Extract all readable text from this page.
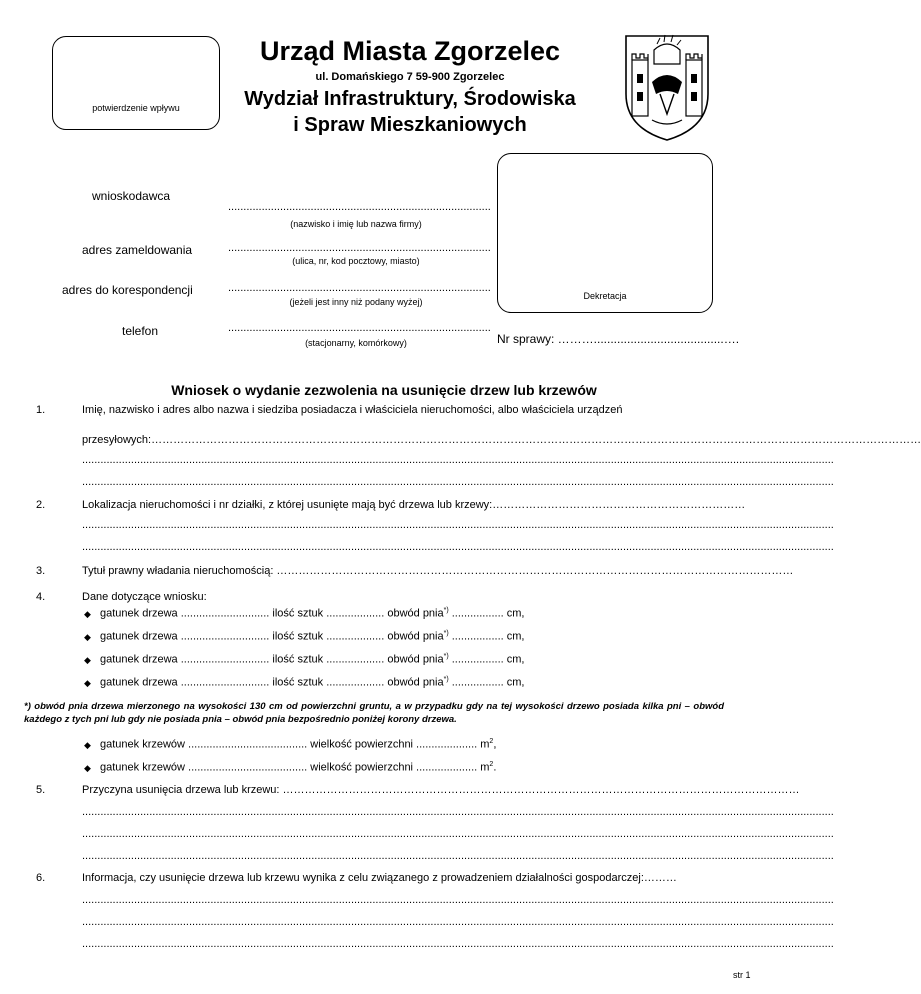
potwierdzenie wpływu
Urząd Miasta Zgorzelec
ul. Domańskiego 7 59-900 Zgorzelec
Wydział Infrastruktury, Środowiska
i Spraw Mieszkaniowych
wnioskodawca
......................................................................................
(nazwisko i imię lub nazwa firmy)
adres zameldowania	......................................................................................
(ulica, nr, kod pocztowy, miasto)
adres do korespondencji	......................................................................................
(jeżeli jest inny niż podany wyżej)
telefon	......................................................................................
(stacjonarny, komórkowy)
Dekretacja
Nr sprawy: ……….......................................….
Wniosek o wydanie zezwolenia na usunięcie drzew lub krzewów
1.	Imię, nazwisko i adres albo nazwa i siedziba posiadacza i właściciela nieruchomości, albo właściciela urządzeń
przesyłowych:…………………………………………………………………………………………………………………………………………………………………………………………
......................................................................................................................................................................................................................................................
......................................................................................................................................................................................................................................................
2.	Lokalizacja nieruchomości i nr działki, z której usunięte mają być drzewa lub krzewy:……………………………………………………………
......................................................................................................................................................................................................................................................
......................................................................................................................................................................................................................................................
3.	Tytuł prawny władania nieruchomością: ……………………………………………………………………………………………………………………………
4.	Dane dotyczące wniosku:
◆ gatunek drzewa ............................. ilość sztuk ................... obwód pnia*) ................. cm,
◆ gatunek drzewa ............................. ilość sztuk ................... obwód pnia*) ................. cm,
◆ gatunek drzewa ............................. ilość sztuk ................... obwód pnia*) ................. cm,
◆ gatunek drzewa ............................. ilość sztuk ................... obwód pnia*) ................. cm,
*) obwód pnia drzewa mierzonego na wysokości 130 cm od powierzchni gruntu, a w przypadku gdy na tej wysokości drzewo posiada kilka pni – obwód każdego z tych pni lub gdy nie posiada pnia – obwód pnia bezpośrednio poniżej korony drzewa.
◆ gatunek krzewów ....................................... wielkość powierzchni .................... $m^2$,
◆ gatunek krzewów ....................................... wielkość powierzchni .................... $m^2$.
5.	Przyczyna usunięcia drzewa lub krzewu: ……………………………………………………………………………………………………………………………
......................................................................................................................................................................................................................................................
......................................................................................................................................................................................................................................................
......................................................................................................................................................................................................................................................
6.	Informacja, czy usunięcie drzewa lub krzewu wynika z celu związanego z prowadzeniem działalności gospodarczej:………
......................................................................................................................................................................................................................................................
......................................................................................................................................................................................................................................................
......................................................................................................................................................................................................................................................
str 1
